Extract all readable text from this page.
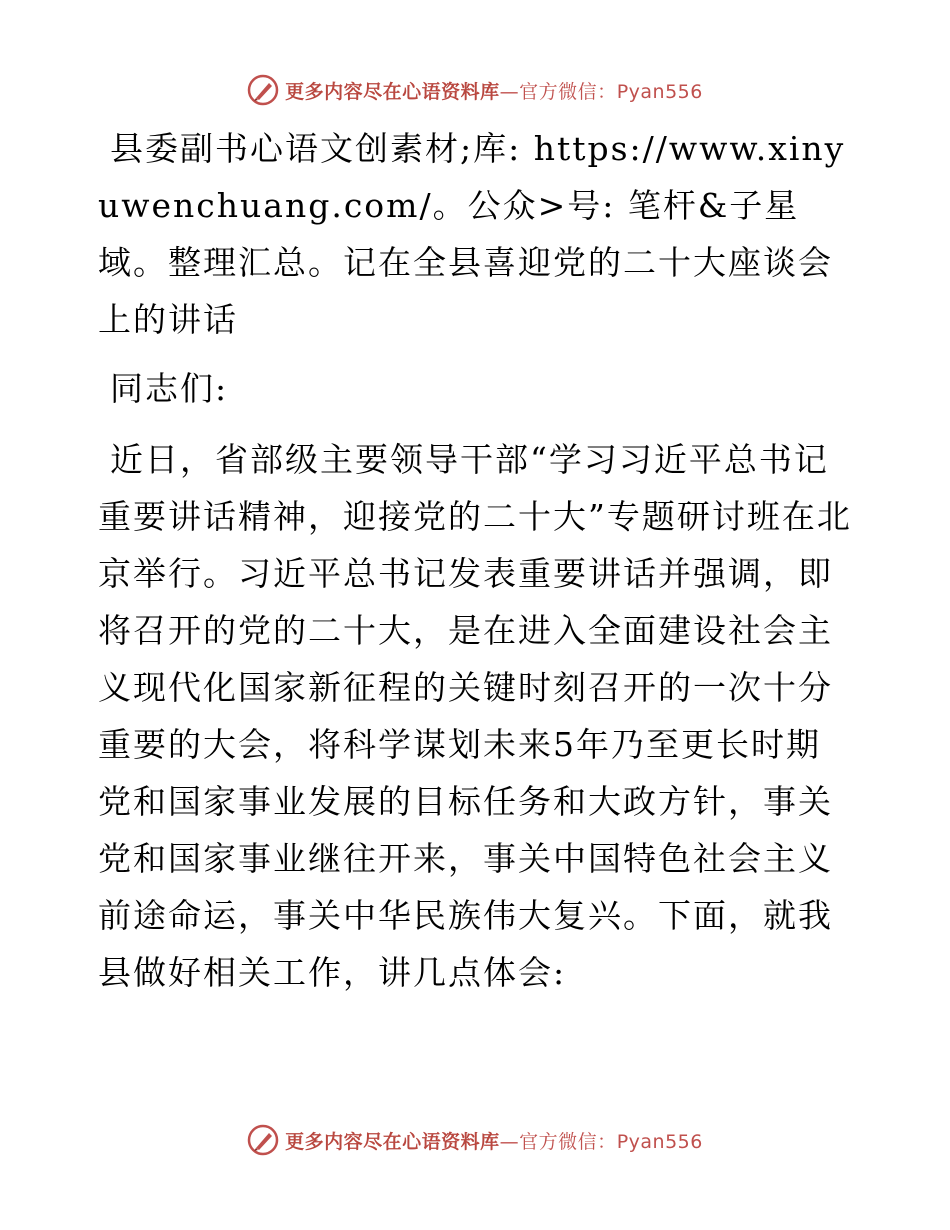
更多内容尽在心语资料库—官方微信：Pyan556

县委副书心语文创素材;库: https://www.xinyuwenchuang.com/。公众>号: 笔杆&子星域。整理汇总。记在全县喜迎党的二十大座谈会上的讲话

同志们:

近日，省部级主要领导干部“学习习近平总书记重要讲话精神，迎接党的二十大”专题研讨班在北京举行。习近平总书记发表重要讲话并强调，即将召开的党的二十大，是在进入全面建设社会主义现代化国家新征程的关键时刻召开的一次十分重要的大会，将科学谋划未来5年乃至更长时期党和国家事业发展的目标任务和大政方针，事关党和国家事业继往开来，事关中国特色社会主义前途命运，事关中华民族伟大复兴。下面，就我县做好相关工作，讲几点体会:

更多内容尽在心语资料库—官方微信：Pyan556
